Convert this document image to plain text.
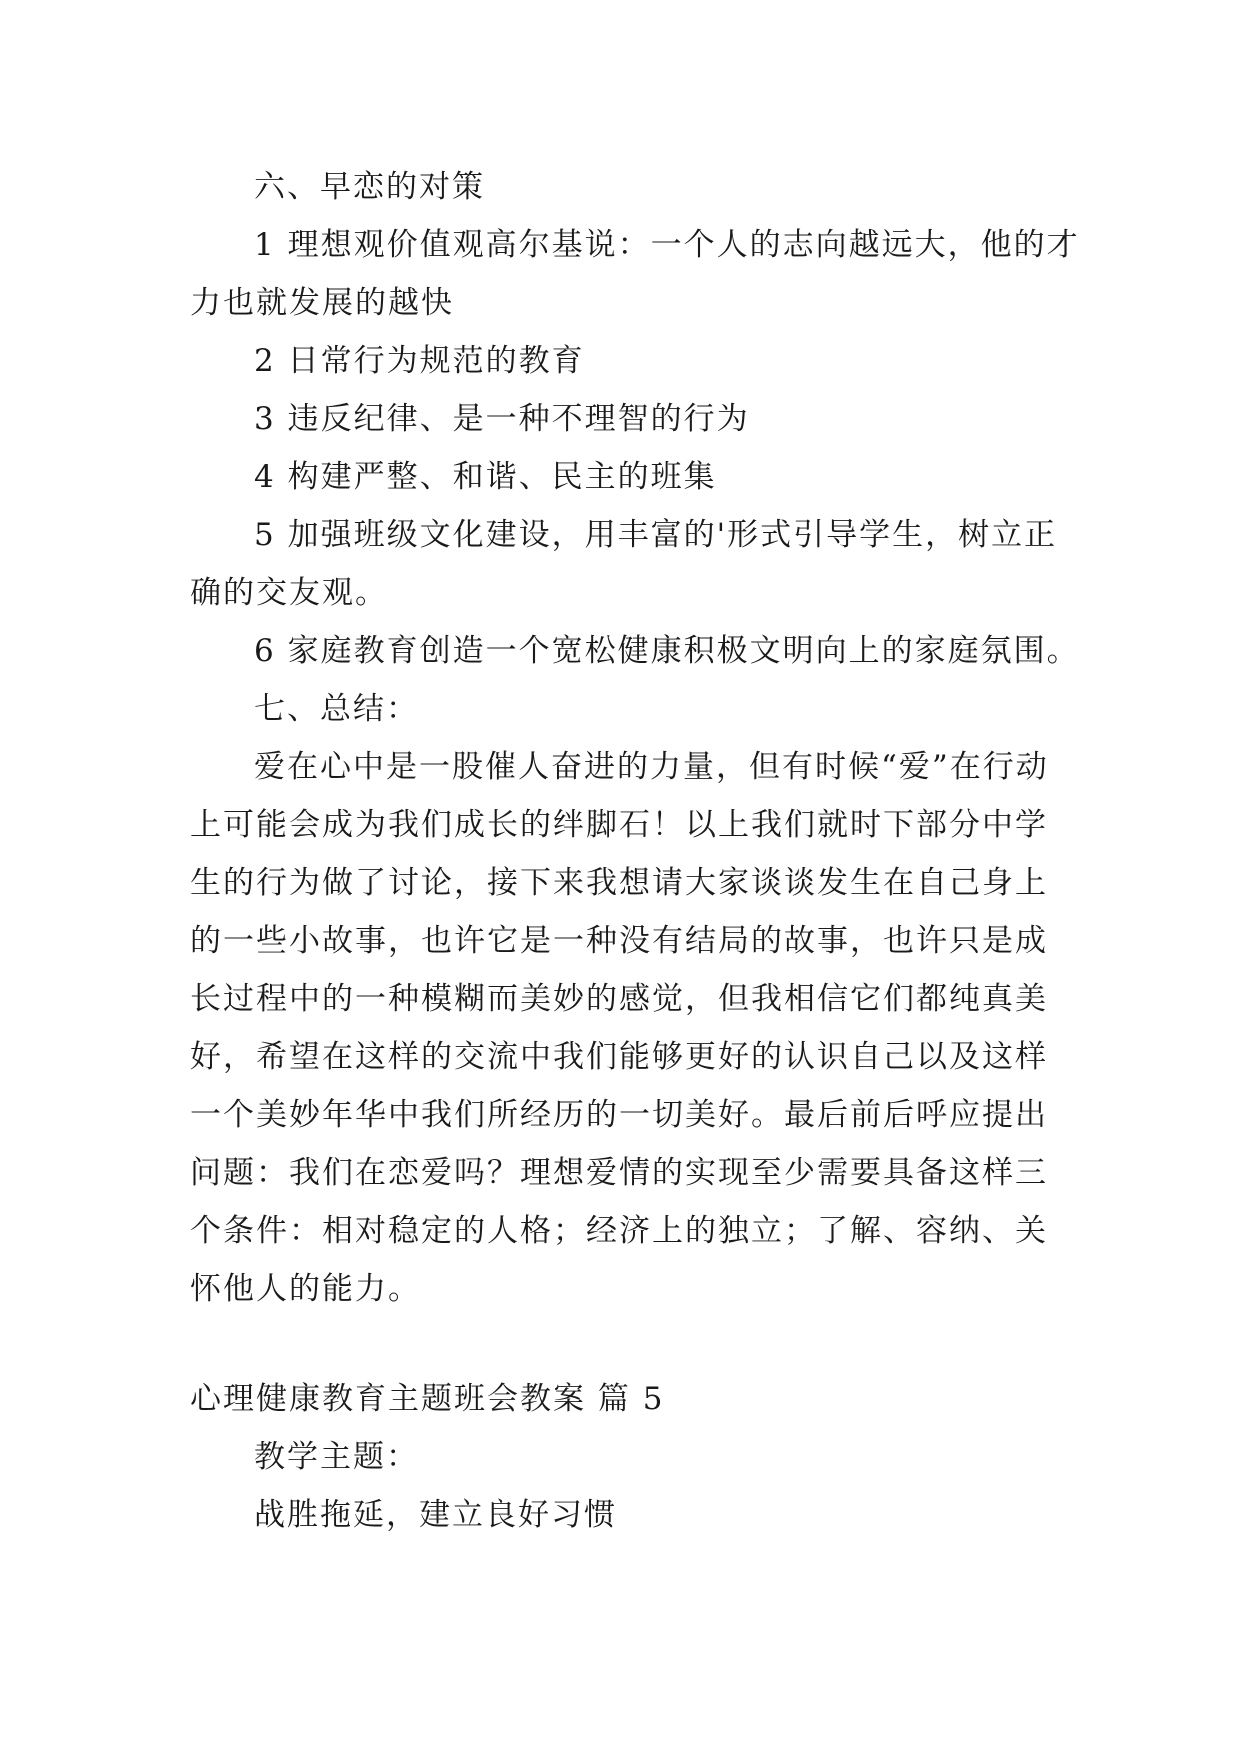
六、早恋的对策

1 理想观价值观高尔基说：一个人的志向越远大，他的才力也就发展的越快

2 日常行为规范的教育

3 违反纪律、是一种不理智的行为

4 构建严整、和谐、民主的班集

5 加强班级文化建设，用丰富的'形式引导学生，树立正确的交友观。

6 家庭教育创造一个宽松健康积极文明向上的家庭氛围。

七、总结：

爱在心中是一股催人奋进的力量，但有时候“爱”在行动上可能会成为我们成长的绊脚石！以上我们就时下部分中学生的行为做了讨论，接下来我想请大家谈谈发生在自己身上的一些小故事，也许它是一种没有结局的故事，也许只是成长过程中的一种模糊而美妙的感觉，但我相信它们都纯真美好，希望在这样的交流中我们能够更好的认识自己以及这样一个美妙年华中我们所经历的一切美好。最后前后呼应提出问题：我们在恋爱吗？理想爱情的实现至少需要具备这样三个条件：相对稳定的人格；经济上的独立；了解、容纳、关怀他人的能力。

心理健康教育主题班会教案 篇 5

教学主题：

战胜拖延，建立良好习惯
